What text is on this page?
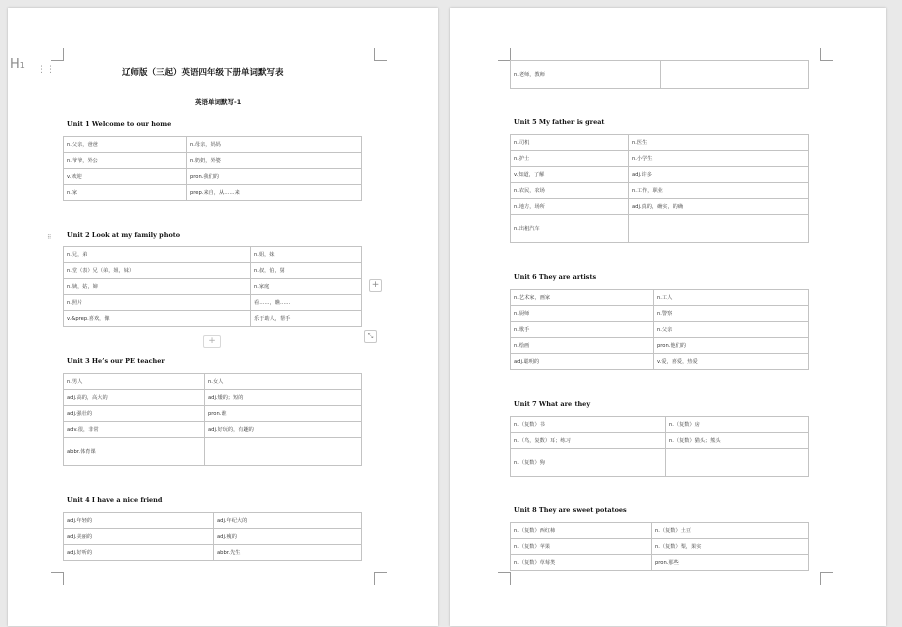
辽师版（三起）英语四年级下册单词默写表
英语单词默写-1
Unit 1 Welcome to our home
n.父亲，爸爸	n.母亲，妈妈
n.爷爷，外公	n.奶奶，外婆
v.欢迎	pron.我们的
n.家	prep.来自，从……来
Unit 2 Look at my family photo
n.兄，弟	n.姐，妹
n.堂（表）兄（弟，姐，妹）	n.叔，伯，舅
n.姨，姑，婶	n.家庭
n.照片	看……，瞧……
v.&prep.喜欢，像	乐于助人，帮手
Unit 3 He’s our PE teacher
n.男人	n.女人
adj.高的，高大的	adj.矮的；短的
adj.强壮的	pron.谁
adv.很，非常	adj.好玩的，有趣的
abbr.体育课	
Unit 4 I have a nice friend
adj.年轻的	adj.年纪大的
adj.美丽的	adj.瘦的
adj.好听的	abbr.先生
⋮⋮
⠿
+
⤡
+
H1
n.老师，教师	
Unit 5 My father is great
n.司机	n.医生
n.护士	n.小学生
v.知道，了解	adj.许多
n.农民，农场	n.工作，职业
n.地方，场所	adj.真的，确实，的确
n.出租汽车	
Unit 6 They are artists
n.艺术家，画家	n.工人
n.厨师	n.警察
n.歌手	n.父亲
n.绘画	pron.他们的
adj.聪明的	v.爱，喜爱，热爱
Unit 7 What are they
n.（复数）书	n.（复数）房
n.（鸟，复数）耳；练习	n.（复数）猫头；熊头
n.（复数）狗	
Unit 8 They are sweet potatoes
n.（复数）西红柿	n.（复数）土豆
n.（复数）苹果	n.（复数）梨，果实
n.（复数）草莓类	pron.那些
